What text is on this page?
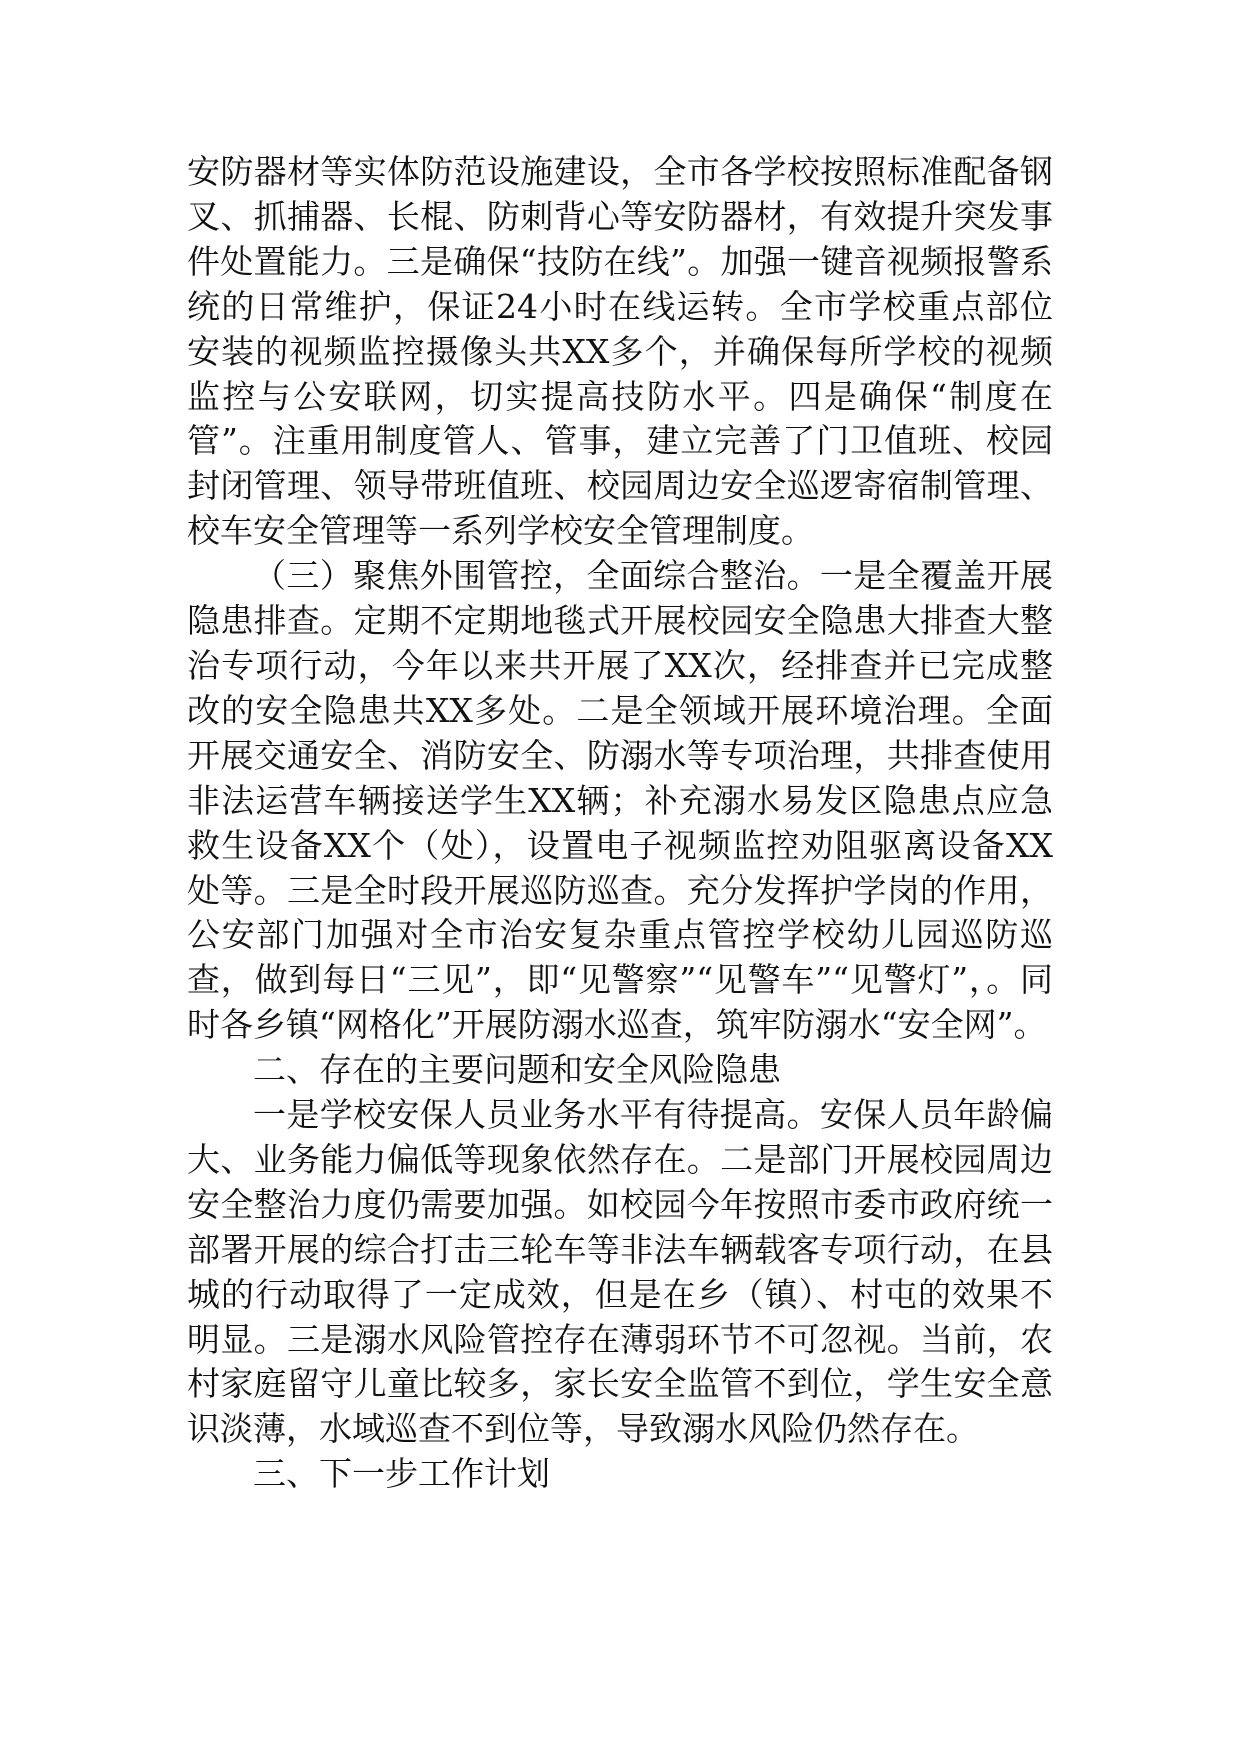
安防器材等实体防范设施建设，全市各学校按照标准配备钢叉、抓捕器、长棍、防刺背心等安防器材，有效提升突发事件处置能力。三是确保“技防在线”。加强一键音视频报警系统的日常维护，保证24小时在线运转。全市学校重点部位安装的视频监控摄像头共XX多个，并确保每所学校的视频监控与公安联网，切实提高技防水平。四是确保“制度在管”。注重用制度管人、管事，建立完善了门卫值班、校园封闭管理、领导带班值班、校园周边安全巡逻寄宿制管理、校车安全管理等一系列学校安全管理制度。

（三）聚焦外围管控，全面综合整治。一是全覆盖开展隐患排查。定期不定期地毯式开展校园安全隐患大排查大整治专项行动，今年以来共开展了XX次，经排查并已完成整改的安全隐患共XX多处。二是全领域开展环境治理。全面开展交通安全、消防安全、防溺水等专项治理，共排查使用非法运营车辆接送学生XX辆；补充溺水易发区隐患点应急救生设备XX个（处），设置电子视频监控劝阻驱离设备XX处等。三是全时段开展巡防巡查。充分发挥护学岗的作用，公安部门加强对全市治安复杂重点管控学校幼儿园巡防巡查，做到每日“三见”，即“见警察”“见警车”“见警灯”，。同时各乡镇“网格化”开展防溺水巡查，筑牢防溺水“安全网”。

二、存在的主要问题和安全风险隐患

一是学校安保人员业务水平有待提高。安保人员年龄偏大、业务能力偏低等现象依然存在。二是部门开展校园周边安全整治力度仍需要加强。如校园今年按照市委市政府统一部署开展的综合打击三轮车等非法车辆载客专项行动，在县城的行动取得了一定成效，但是在乡（镇）、村屯的效果不明显。三是溺水风险管控存在薄弱环节不可忽视。当前，农村家庭留守儿童比较多，家长安全监管不到位，学生安全意识淡薄，水域巡查不到位等，导致溺水风险仍然存在。

三、下一步工作计划
